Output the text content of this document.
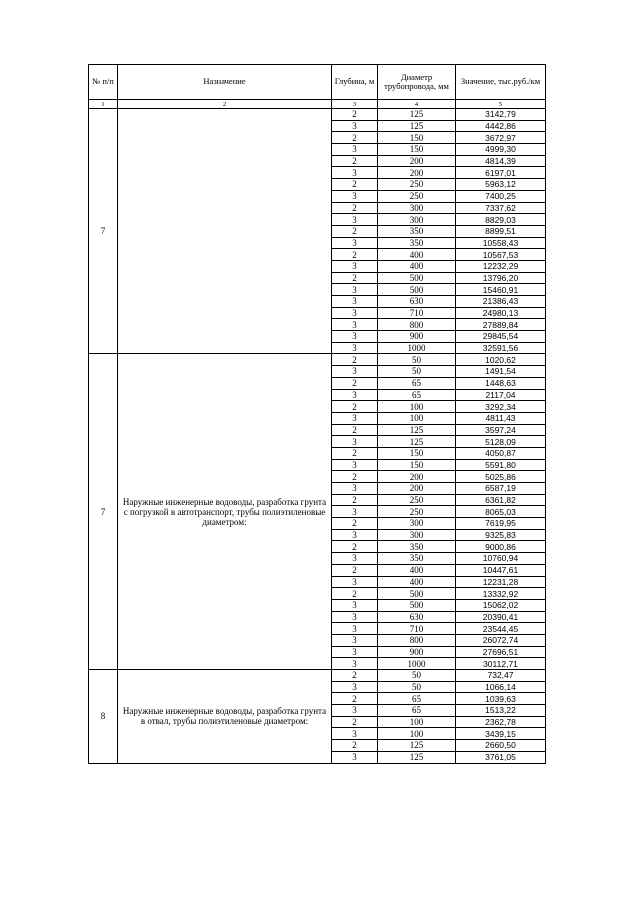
№ п/п	Назначение	Глубина, м	Диаметр трубопровода, мм	Значение, тыс.руб./км
1	2	3	4	5
7		2	125	3142,79
		3	125	4442,86
		2	150	3672,97
		3	150	4999,30
		2	200	4814,39
		3	200	6197,01
		2	250	5963,12
		3	250	7400,25
		2	300	7337,62
		3	300	8829,03
		2	350	8899,51
		3	350	10558,43
		2	400	10567,53
		3	400	12232,29
		2	500	13796,20
		3	500	15460,91
		3	630	21386,43
		3	710	24980,13
		3	800	27889,84
		3	900	29845,54
		3	1000	32591,56
7	Наружные инженерные водоводы, разработка грунта с погрузкой в автотранспорт, трубы полиэтиленовые диаметром:	2	50	1020,62
		3	50	1491,54
		2	65	1448,63
		3	65	2117,04
		2	100	3292,34
		3	100	4811,43
		2	125	3597,24
		3	125	5128,09
		2	150	4050,87
		3	150	5591,80
		2	200	5025,86
		3	200	6587,19
		2	250	6361,82
		3	250	8065,03
		2	300	7619,95
		3	300	9325,83
		2	350	9000,86
		3	350	10760,94
		2	400	10447,61
		3	400	12231,28
		2	500	13332,92
		3	500	15062,02
		3	630	20390,41
		3	710	23544,45
		3	800	26072,74
		3	900	27696,51
		3	1000	30112,71
8	Наружные инженерные водоводы, разработка грунта в отвал, трубы полиэтиленовые диаметром:	2	50	732,47
		3	50	1066,14
		2	65	1039,63
		3	65	1513,22
		2	100	2362,78
		3	100	3439,15
		2	125	2660,50
		3	125	3761,05
